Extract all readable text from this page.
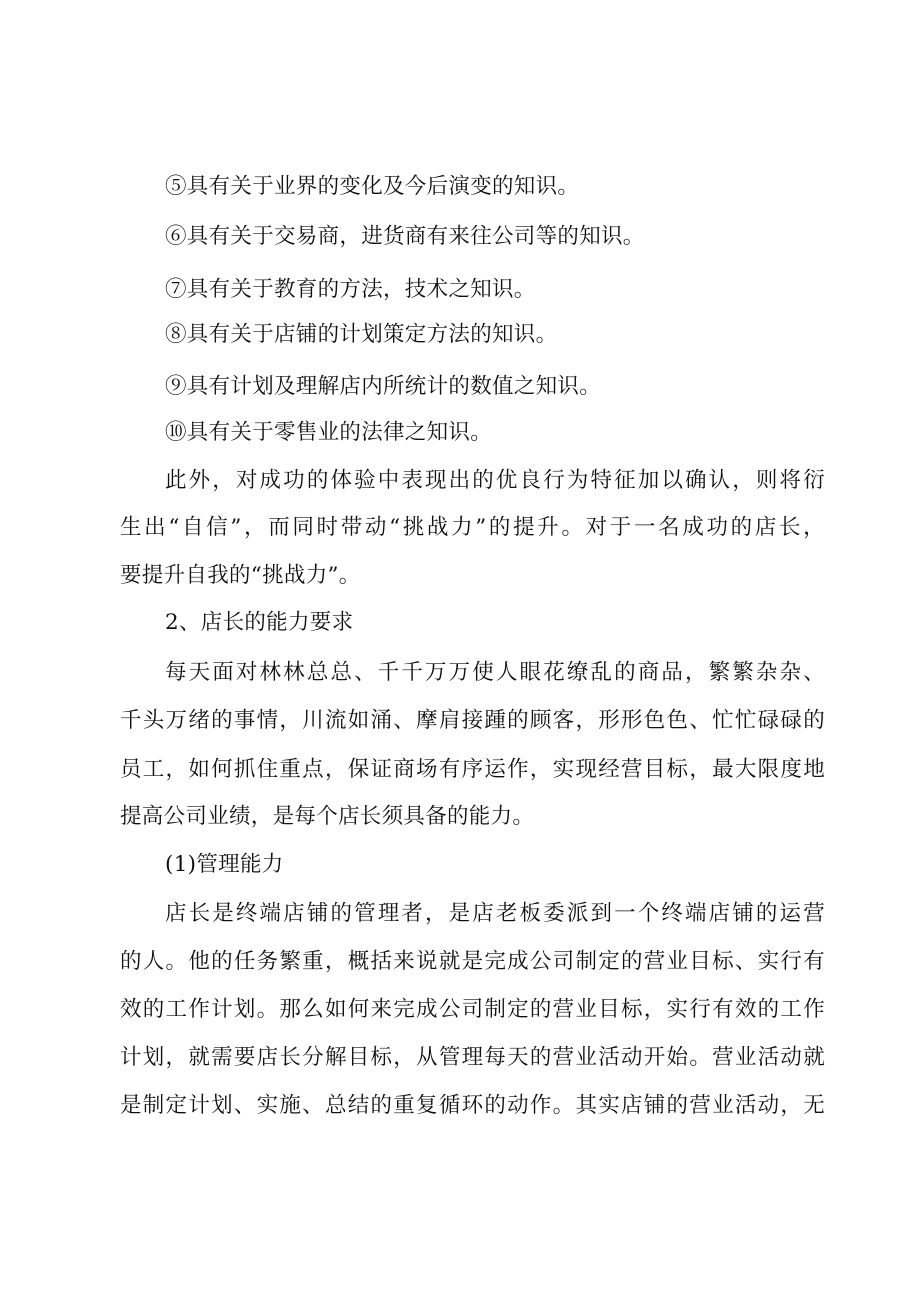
⑤具有关于业界的变化及今后演变的知识。
⑥具有关于交易商，进货商有来往公司等的知识。
⑦具有关于教育的方法，技术之知识。
⑧具有关于店铺的计划策定方法的知识。
⑨具有计划及理解店内所统计的数值之知识。
⑩具有关于零售业的法律之知识。
此外，对成功的体验中表现出的优良行为特征加以确认，则将衍
生出“自信”，而同时带动“挑战力”的提升。对于一名成功的店长，
要提升自我的“挑战力”。
2、店长的能力要求
每天面对林林总总、千千万万使人眼花缭乱的商品，繁繁杂杂、
千头万绪的事情，川流如涌、摩肩接踵的顾客，形形色色、忙忙碌碌的
员工，如何抓住重点，保证商场有序运作，实现经营目标，最大限度地
提高公司业绩，是每个店长须具备的能力。
(1)管理能力
店长是终端店铺的管理者，是店老板委派到一个终端店铺的运营
的人。他的任务繁重，概括来说就是完成公司制定的营业目标、实行有
效的工作计划。那么如何来完成公司制定的营业目标，实行有效的工作
计划，就需要店长分解目标，从管理每天的营业活动开始。营业活动就
是制定计划、实施、总结的重复循环的动作。其实店铺的营业活动，无
